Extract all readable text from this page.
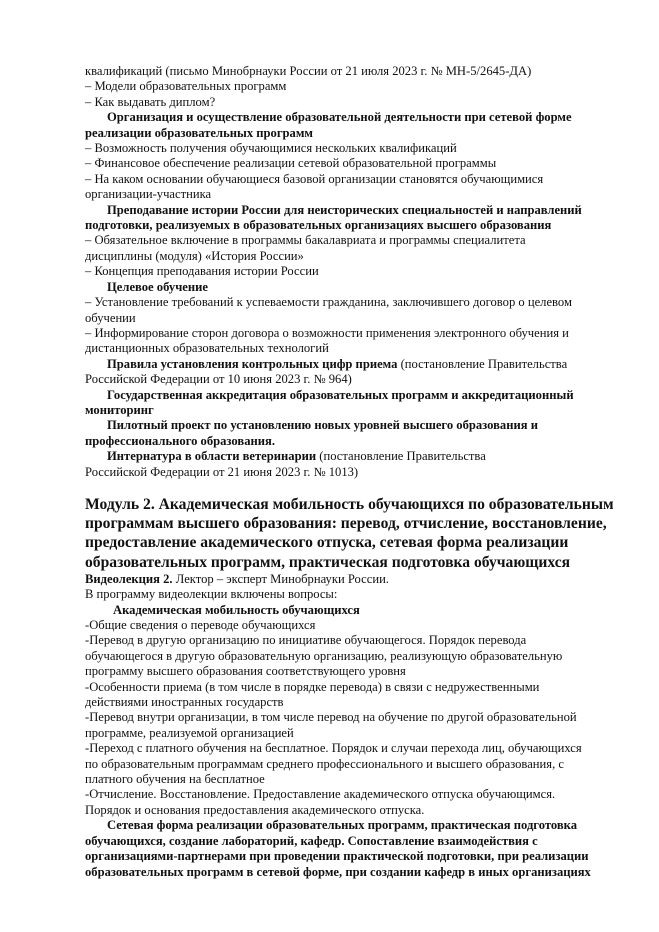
квалификаций (письмо Минобрнауки России от 21 июля 2023 г. № МН-5/2645-ДА)
– Модели образовательных программ
– Как выдавать диплом?
Организация и осуществление образовательной деятельности при сетевой форме
реализации образовательных программ
– Возможность получения обучающимися нескольких квалификаций
– Финансовое обеспечение реализации сетевой образовательной программы
– На каком основании обучающиеся базовой организации становятся обучающимися
организации-участника
Преподавание истории России для неисторических специальностей и направлений
подготовки, реализуемых в образовательных организациях высшего образования
– Обязательное включение в программы бакалавриата и программы специалитета
дисциплины (модуля) «История России»
– Концепция преподавания истории России
Целевое обучение
– Установление требований к успеваемости гражданина, заключившего договор о целевом
обучении
– Информирование сторон договора о возможности применения электронного обучения и
дистанционных образовательных технологий
Правила установления контрольных цифр приема (постановление Правительства
Российской Федерации от 10 июня 2023 г. № 964)
Государственная аккредитация образовательных программ и аккредитационный
мониторинг
Пилотный проект по установлению новых уровней высшего образования и
профессионального образования.
Интернатура в области ветеринарии (постановление Правительства
Российской Федерации от 21 июня 2023 г. № 1013)
Модуль 2. Академическая мобильность обучающихся по образовательным
программам высшего образования: перевод, отчисление, восстановление,
предоставление академического отпуска, сетевая форма реализации
образовательных программ, практическая подготовка обучающихся
Видеолекция 2. Лектор – эксперт Минобрнауки России.
В программу видеолекции включены вопросы:
Академическая мобильность обучающихся
-Общие сведения о переводе обучающихся
-Перевод в другую организацию по инициативе обучающегося. Порядок перевода
обучающегося в другую образовательную организацию, реализующую образовательную
программу высшего образования соответствующего уровня
-Особенности приема (в том числе в порядке перевода) в связи с недружественными
действиями иностранных государств
-Перевод внутри организации, в том числе перевод на обучение по другой образовательной
программе, реализуемой организацией
-Переход с платного обучения на бесплатное. Порядок и случаи перехода лиц, обучающихся
по образовательным программам среднего профессионального и высшего образования, с
платного обучения на бесплатное
-Отчисление. Восстановление. Предоставление академического отпуска обучающимся.
Порядок и основания предоставления академического отпуска.
Сетевая форма реализации образовательных программ, практическая подготовка
обучающихся, создание лабораторий, кафедр. Сопоставление взаимодействия с
организациями-партнерами при проведении практической подготовки, при реализации
образовательных программ в сетевой форме, при создании кафедр в иных организациях
